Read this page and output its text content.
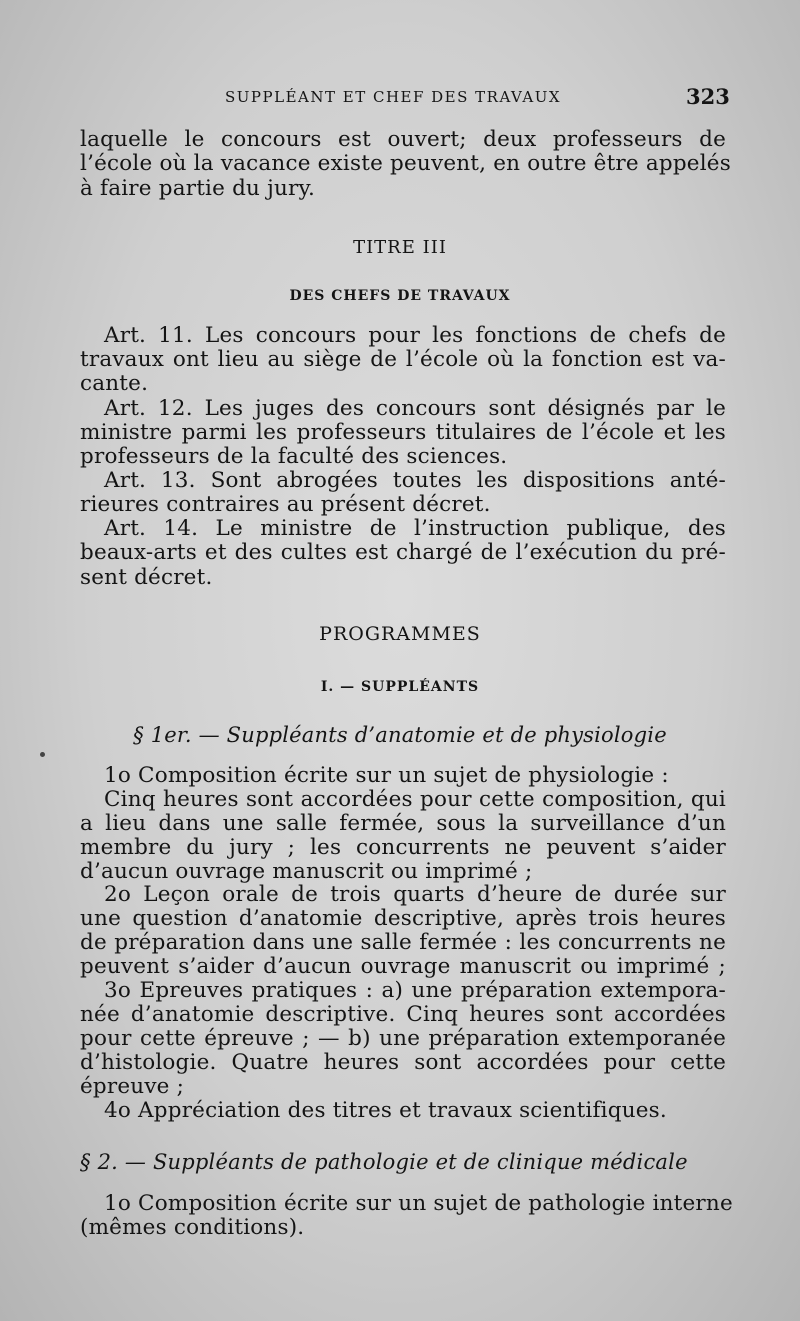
SUPPLÉANT ET CHEF DES TRAVAUX	323
laquelle le concours est ouvert; deux professeurs de
l’école où la vacance existe peuvent, en outre être appelés
à faire partie du jury.
TITRE III
DES CHEFS DE TRAVAUX
Art. 11. Les concours pour les fonctions de chefs de
travaux ont lieu au siège de l’école où la fonction est va-
cante.
Art. 12. Les juges des concours sont désignés par le
ministre parmi les professeurs titulaires de l’école et les
professeurs de la faculté des sciences.
Art. 13. Sont abrogées toutes les dispositions anté-
rieures contraires au présent décret.
Art. 14. Le ministre de l’instruction publique, des
beaux-arts et des cultes est chargé de l’exécution du pré-
sent décret.
PROGRAMMES
I. — SUPPLÉANTS
§ 1er. — Suppléants d’anatomie et de physiologie
1o Composition écrite sur un sujet de physiologie :
Cinq heures sont accordées pour cette composition, qui
a lieu dans une salle fermée, sous la surveillance d’un
membre du jury ; les concurrents ne peuvent s’aider
d’aucun ouvrage manuscrit ou imprimé ;
2o Leçon orale de trois quarts d’heure de durée sur
une question d’anatomie descriptive, après trois heures
de préparation dans une salle fermée : les concurrents ne
peuvent s’aider d’aucun ouvrage manuscrit ou imprimé ;
3o Epreuves pratiques : a) une préparation extempora-
née d’anatomie descriptive. Cinq heures sont accordées
pour cette épreuve ; — b) une préparation extemporanée
d’histologie. Quatre heures sont accordées pour cette
épreuve ;
4o Appréciation des titres et travaux scientifiques.
§ 2. — Suppléants de pathologie et de clinique médicale
1o Composition écrite sur un sujet de pathologie interne
(mêmes conditions).
